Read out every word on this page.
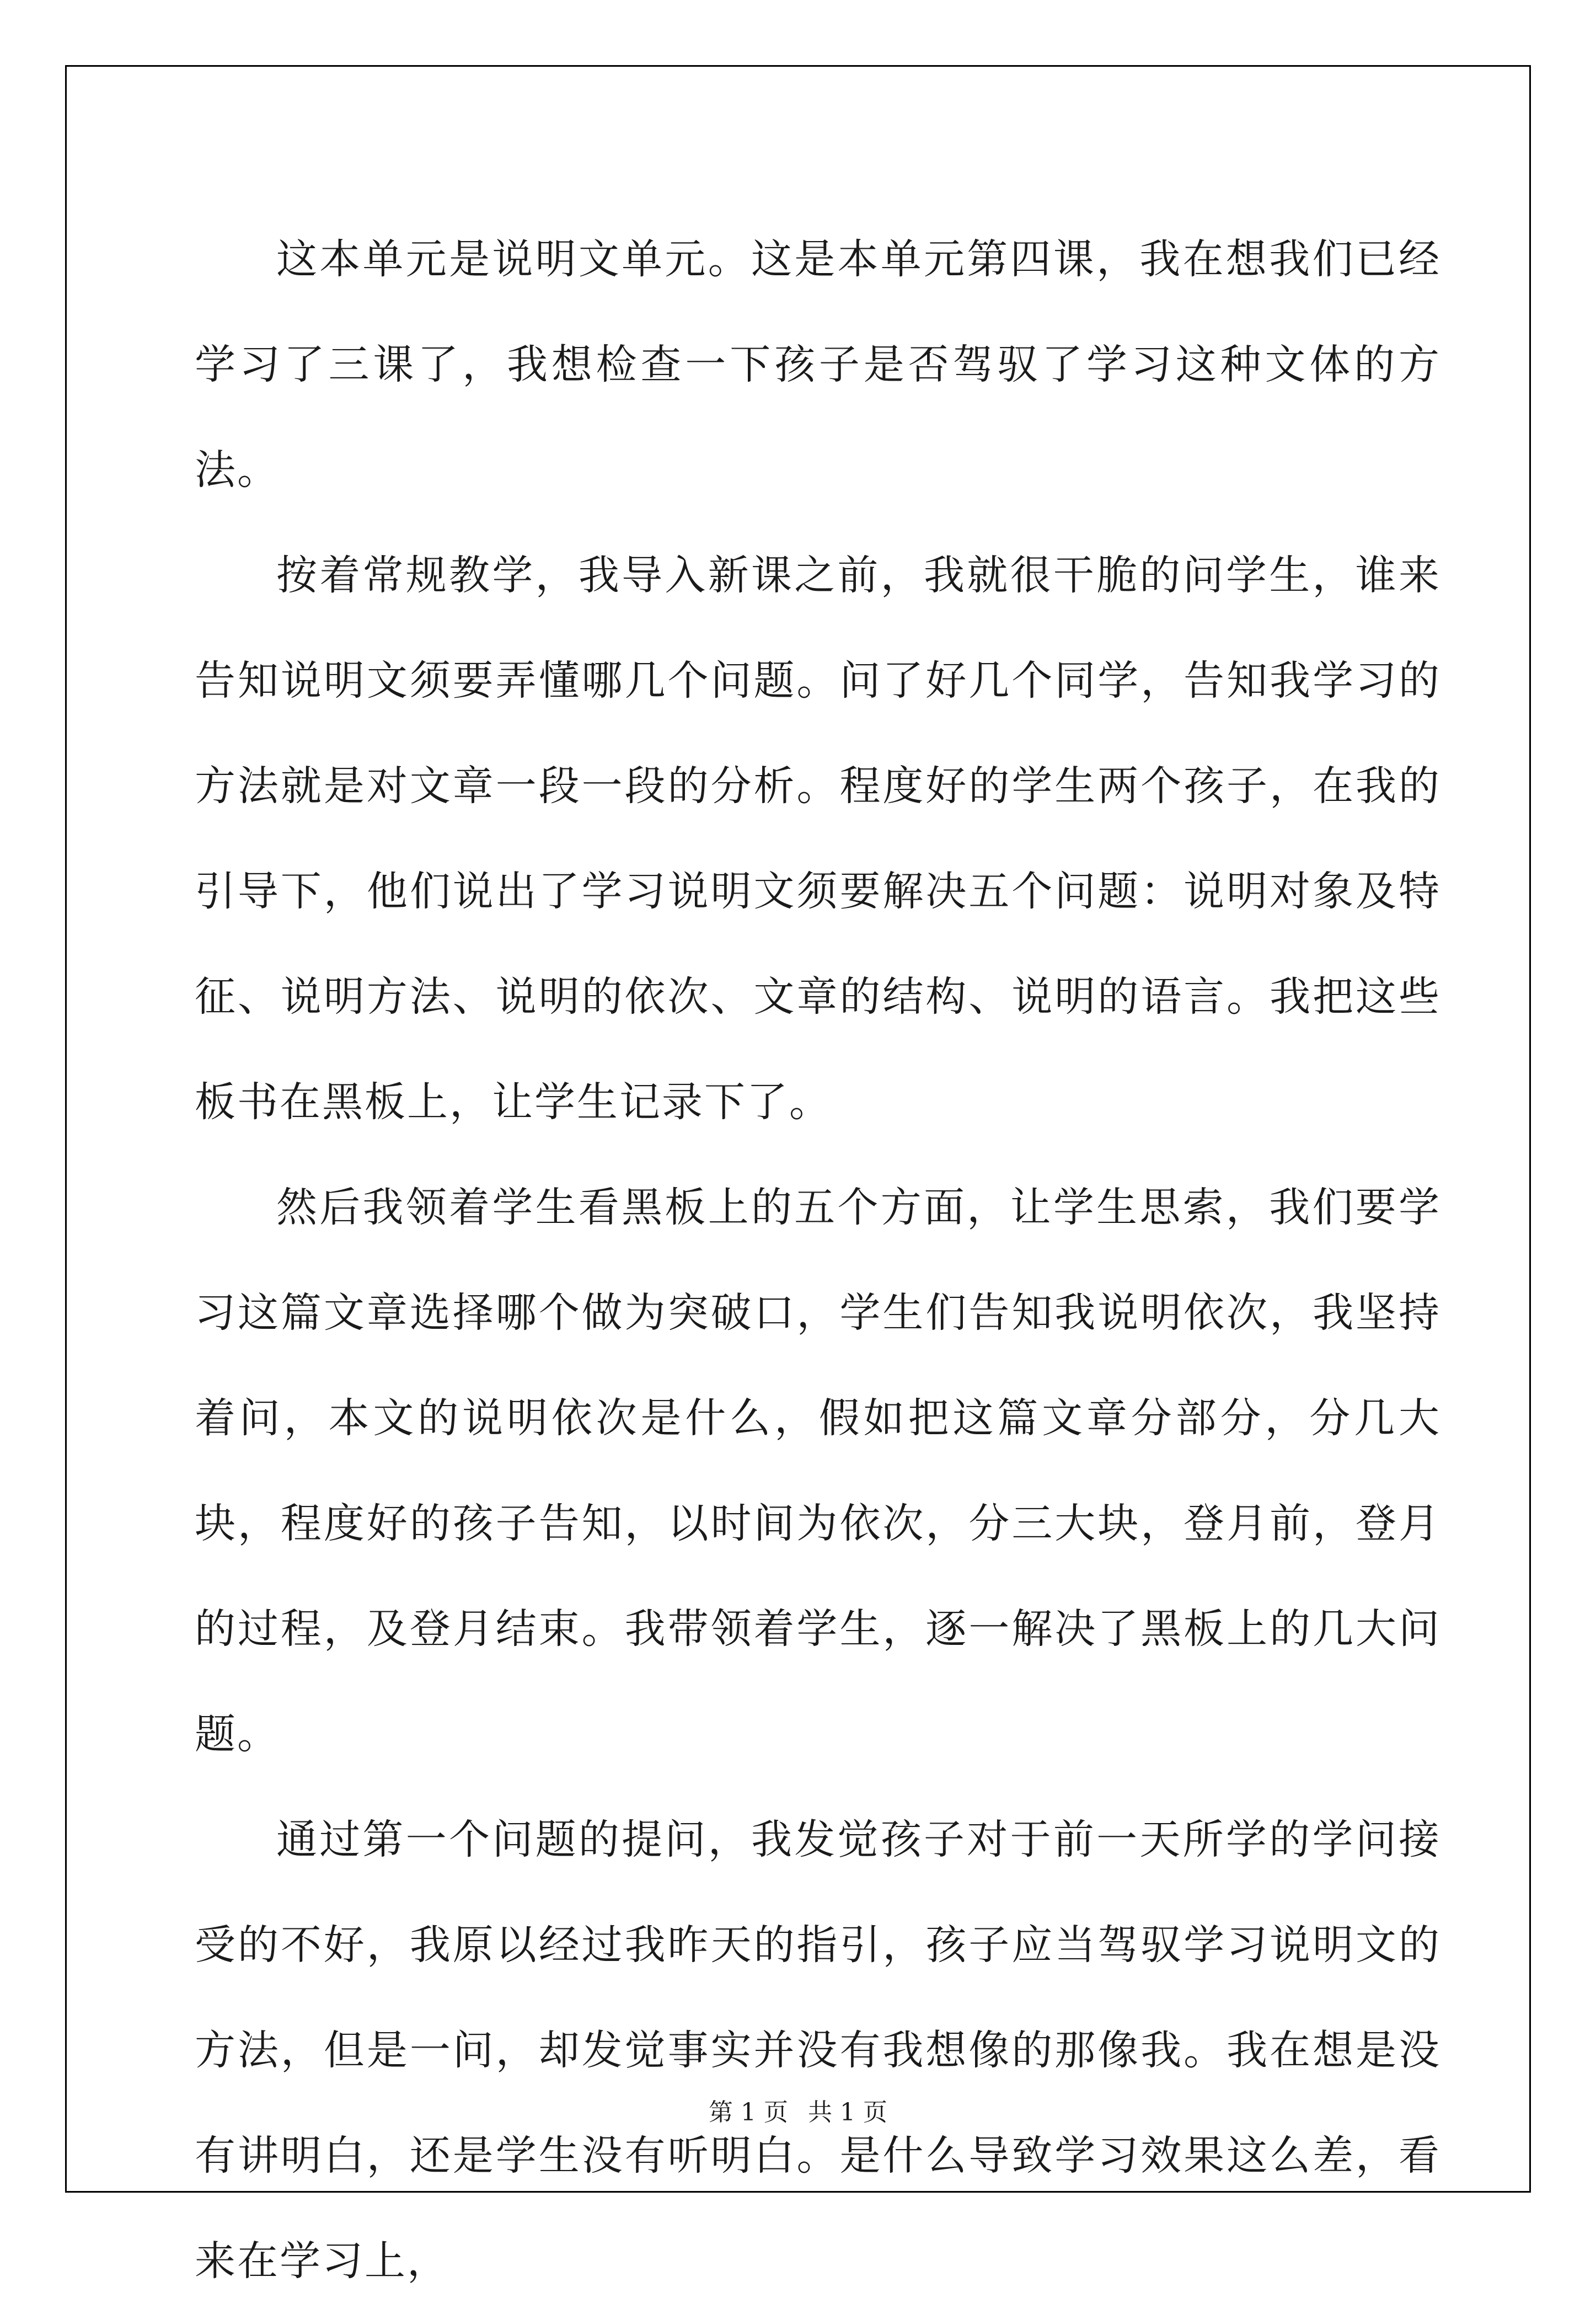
这本单元是说明文单元。这是本单元第四课，我在想我们已经学习了三课了，我想检查一下孩子是否驾驭了学习这种文体的方法。

按着常规教学，我导入新课之前，我就很干脆的问学生，谁来告知说明文须要弄懂哪几个问题。问了好几个同学，告知我学习的方法就是对文章一段一段的分析。程度好的学生两个孩子，在我的引导下，他们说出了学习说明文须要解决五个问题：说明对象及特征、说明方法、说明的依次、文章的结构、说明的语言。我把这些板书在黑板上，让学生记录下了。

然后我领着学生看黑板上的五个方面，让学生思索，我们要学习这篇文章选择哪个做为突破口，学生们告知我说明依次，我坚持着问，本文的说明依次是什么，假如把这篇文章分部分，分几大块，程度好的孩子告知，以时间为依次，分三大块，登月前，登月的过程，及登月结束。我带领着学生，逐一解决了黑板上的几大问题。

通过第一个问题的提问，我发觉孩子对于前一天所学的学问接受的不好，我原以经过我昨天的指引，孩子应当驾驭学习说明文的方法，但是一问，却发觉事实并没有我想像的那像我。我在想是没有讲明白，还是学生没有听明白。是什么导致学习效果这么差，看来在学习上，

第 1 页 共 1 页
